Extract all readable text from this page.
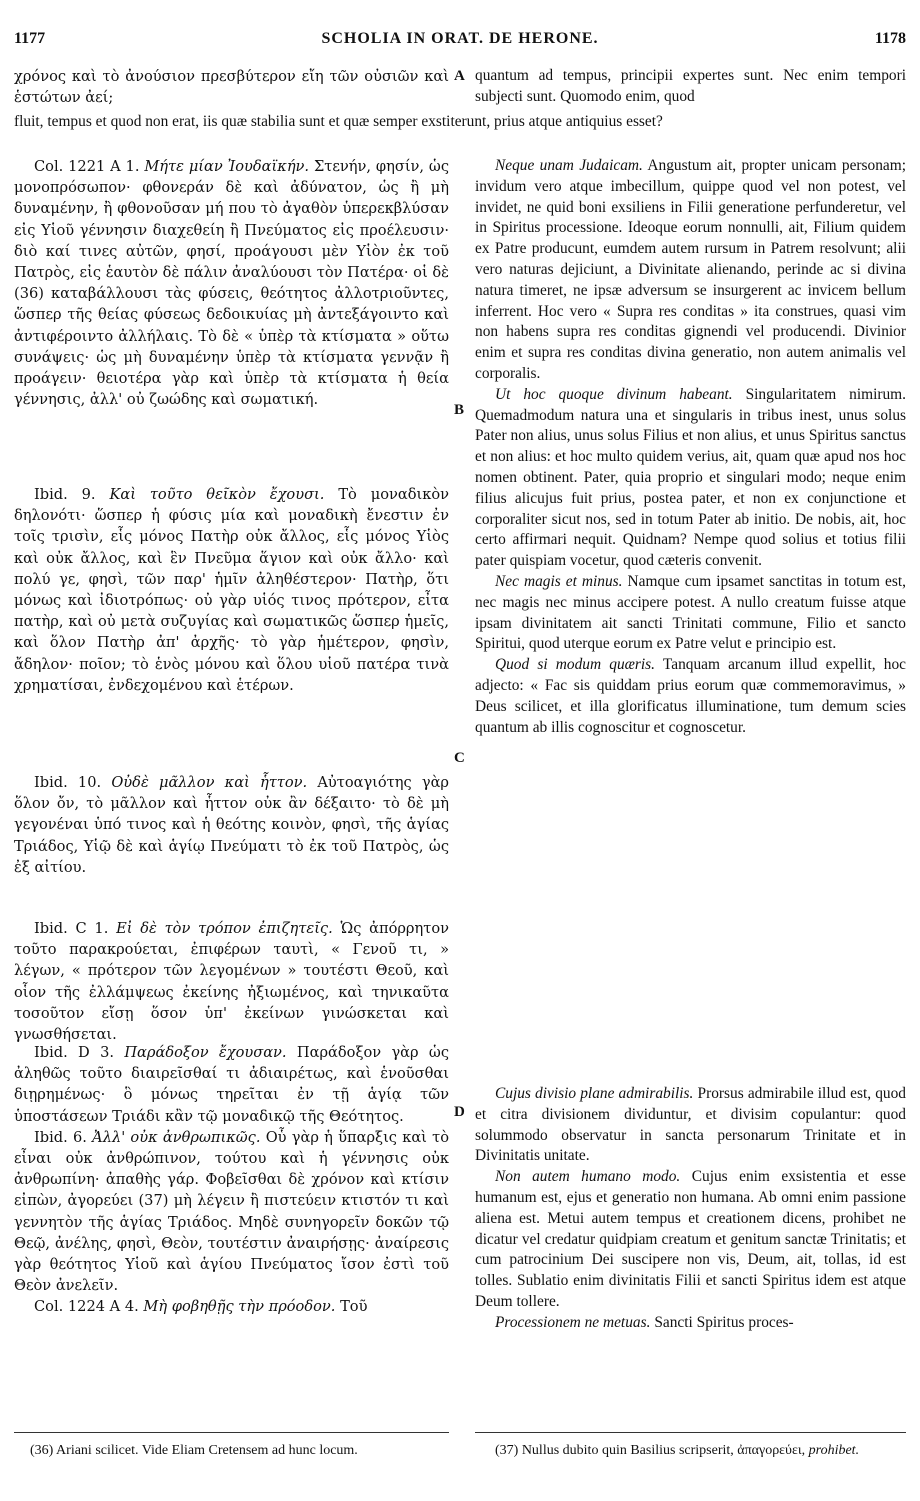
1177	SCHOLIA IN ORAT. DE HERONE.	1178

χρόνος καὶ τὸ ἀνούσιον πρεσβύτερον εἴη τῶν οὐσιῶν καὶ ἑστώτων ἀεί;

quantum ad tempus, principii expertes sunt. Nec enim tempori subjecti sunt. Quomodo enim, quod

fluit, tempus et quod non erat, iis quæ stabilia sunt et quæ semper exstiterunt, prius atque antiquius esset?

Col. 1221 A 1. Μήτε μίαν Ἰουδαϊκήν. Στενήν, φησίν, ὡς μονοπρόσωπον· φθονεράν δὲ καὶ ἀδύνατον, ὡς ἢ μὴ δυναμένην, ἢ φθονοῦσαν μή που τὸ ἀγαθὸν ὑπερεκβλύσαν εἰς Υἱοῦ γέννησιν διαχεθείη ἢ Πνεύματος εἰς προέλευσιν· διὸ καί τινες αὐτῶν, φησί, προάγουσι μὲν Υἱὸν ἐκ τοῦ Πατρὸς, εἰς ἑαυτὸν δὲ πάλιν ἀναλύουσι τὸν Πατέρα· οἱ δὲ (36) καταβάλλουσι τὰς φύσεις, θεότητος ἀλλοτριοῦντες, ὥσπερ τῆς θείας φύσεως δεδοικυίας μὴ ἀντεξάγοιντο καὶ ἀντιφέροιντο ἀλλήλαις. Τὸ δὲ « ὑπὲρ τὰ κτίσματα » οὕτω συνάψεις· ὡς μὴ δυναμένην ὑπὲρ τὰ κτίσματα γεννᾷν ἢ προάγειν· θειοτέρα γὰρ καὶ ὑπὲρ τὰ κτίσματα ἡ θεία γέννησις, ἀλλ' οὐ ζωώδης καὶ σωματική.

Ibid. 9. Καὶ τοῦτο θεῖκὸν ἔχουσι. Τὸ μοναδικὸν δηλονότι· ὥσπερ ἡ φύσις μία καὶ μοναδικὴ ἔνεστιν ἐν τοῖς τρισὶν, εἷς μόνος Πατὴρ οὐκ ἄλλος, εἷς μόνος Υἱὸς καὶ οὐκ ἄλλος, καὶ ἓν Πνεῦμα ἅγιον καὶ οὐκ ἄλλο· καὶ πολύ γε, φησὶ, τῶν παρ' ἡμῖν ἀληθέστερον· Πατὴρ, ὅτι μόνως καὶ ἰδιοτρόπως· οὐ γὰρ υἱός τινος πρότερον, εἶτα πατὴρ, καὶ οὐ μετὰ συζυγίας καὶ σωματικῶς ὥσπερ ἡμεῖς, καὶ ὅλον Πατὴρ ἀπ' ἀρχῆς· τὸ γὰρ ἡμέτερον, φησὶν, ἄδηλον· ποῖον; τὸ ἑνὸς μόνου καὶ ὅλου υἱοῦ πατέρα τινὰ χρηματίσαι, ἐνδεχομένου καὶ ἑτέρων.

Ibid. 10. Οὐδὲ μᾶλλον καὶ ἧττον. Αὐτοαγιότης γὰρ ὅλον ὄν, τὸ μᾶλλον καὶ ἧττον οὐκ ἂν δέξαιτο· τὸ δὲ μὴ γεγονέναι ὑπό τινος καὶ ἡ θεότης κοινὸν, φησὶ, τῆς ἁγίας Τριάδος, Υἱῷ δὲ καὶ ἁγίῳ Πνεύματι τὸ ἐκ τοῦ Πατρὸς, ὡς ἐξ αἰτίου.

Ibid. C 1. Εἰ δὲ τὸν τρόπον ἐπιζητεῖς. Ὡς ἀπόρρητον τοῦτο παρακρούεται, ἐπιφέρων ταυτὶ, « Γενοῦ τι, » λέγων, « πρότερον τῶν λεγομένων » τουτέστι Θεοῦ, καὶ οἷον τῆς ἐλλάμψεως ἐκείνης ἠξιωμένος, καὶ τηνικαῦτα τοσοῦτον εἴσῃ ὅσον ὑπ' ἐκείνων γινώσκεται καὶ γνωσθήσεται.

Ibid. D 3. Παράδοξον ἔχουσαν. Παράδοξον γὰρ ὡς ἀληθῶς τοῦτο διαιρεῖσθαί τι ἀδιαιρέτως, καὶ ἑνοῦσθαι διῃρημένως· ὃ μόνως τηρεῖται ἐν τῇ ἁγίᾳ τῶν ὑποστάσεων Τριάδι κἂν τῷ μοναδικῷ τῆς Θεότητος.

Ibid. 6. Ἀλλ' οὐκ ἀνθρωπικῶς. Οὗ γὰρ ἡ ὕπαρξις καὶ τὸ εἶναι οὐκ ἀνθρώπινον, τούτου καὶ ἡ γέννησις οὐκ ἀνθρωπίνη· ἀπαθὴς γάρ. Φοβεῖσθαι δὲ χρόνον καὶ κτίσιν εἰπὼν, ἀγορεύει (37) μὴ λέγειν ἢ πιστεύειν κτιστόν τι καὶ γεννητὸν τῆς ἁγίας Τριάδος. Μηδὲ συνηγορεῖν δοκῶν τῷ Θεῷ, ἀνέλης, φησὶ, Θεὸν, τουτέστιν ἀναιρήσῃς· ἀναίρεσις γὰρ θεότητος Υἱοῦ καὶ ἁγίου Πνεύματος ἴσον ἐστὶ τοῦ Θεὸν ἀνελεῖν.

Col. 1224 A 4. Μὴ φοβηθῇς τὴν πρόοδον. Τοῦ

Neque unam Judaicam. Angustum ait, propter unicam personam; invidum vero atque imbecillum, quippe quod vel non potest, vel invidet, ne quid boni exsiliens in Filii generatione perfunderetur, vel in Spiritus processione. Ideoque eorum nonnulli, ait, Filium quidem ex Patre producunt, eumdem autem rursum in Patrem resolvunt; alii vero naturas dejiciunt, a Divinitate alienando, perinde ac si divina natura timeret, ne ipsæ adversum se insurgerent ac invicem bellum inferrent. Hoc vero « Supra res conditas » ita construes, quasi vim non habens supra res conditas gignendi vel producendi. Divinior enim et supra res conditas divina generatio, non autem animalis vel corporalis.

Ut hoc quoque divinum habeant. Singularitatem nimirum. Quemadmodum natura una et singularis in tribus inest, unus solus Pater non alius, unus solus Filius et non alius, et unus Spiritus sanctus et non alius: et hoc multo quidem verius, ait, quam quæ apud nos hoc nomen obtinent. Pater, quia proprio et singulari modo; neque enim filius alicujus fuit prius, postea pater, et non ex conjunctione et corporaliter sicut nos, sed in totum Pater ab initio. De nobis, ait, hoc certo affirmari nequit. Quidnam? Nempe quod solius et totius filii pater quispiam vocetur, quod cæteris convenit.

Nec magis et minus. Namque cum ipsamet sanctitas in totum est, nec magis nec minus accipere potest. A nullo creatum fuisse atque ipsam divinitatem ait sancti Trinitati commune, Filio et sancto Spiritui, quod uterque eorum ex Patre velut e principio est.

Quod si modum quæris. Tanquam arcanum illud expellit, hoc adjecto: « Fac sis quiddam prius eorum quæ commemoravimus, » Deus scilicet, et illa glorificatus illuminatione, tum demum scies quantum ab illis cognoscitur et cognoscetur.

Cujus divisio plane admirabilis. Prorsus admirabile illud est, quod et citra divisionem dividuntur, et divisim copulantur: quod solummodo observatur in sancta personarum Trinitate et in Divinitatis unitate.

Non autem humano modo. Cujus enim exsistentia et esse humanum est, ejus et generatio non humana. Ab omni enim passione aliena est. Metui autem tempus et creationem dicens, prohibet ne dicatur vel credatur quidpiam creatum et genitum sanctæ Trinitatis; et cum patrocinium Dei suscipere non vis, Deum, ait, tollas, id est tolles. Sublatio enim divinitatis Filii et sancti Spiritus idem est atque Deum tollere.

Processionem ne metuas. Sancti Spiritus proces-

A
B
C
D
(36) Ariani scilicet. Vide Eliam Cretensem ad hunc locum.	(37) Nullus dubito quin Basilius scripserit, ἀπαγορεύει, prohibet.
